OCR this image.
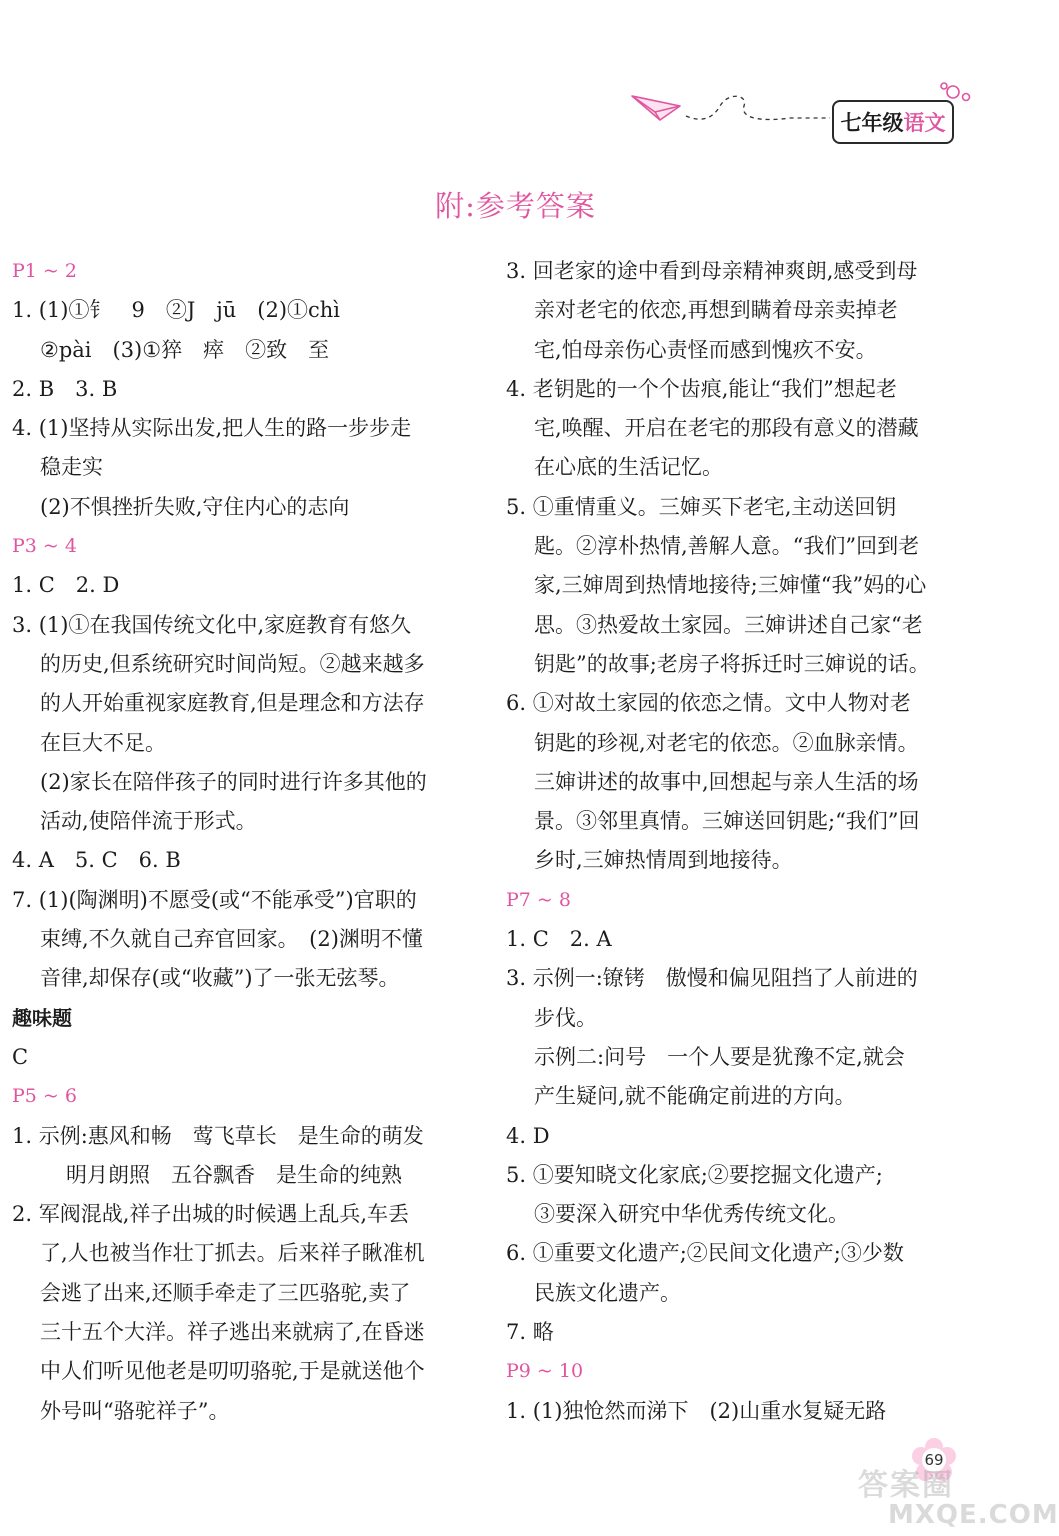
七年级 语文
附:参考答案
P1 ~ 2
1. (1)①钅　9　②J　jū　(2)①chì
②pài　(3)①猝　瘁　②致　至
2. B　3. B
4. (1)坚持从实际出发,把人生的路一步步走
稳走实
(2)不惧挫折失败,守住内心的志向
P3 ~ 4
1. C　2. D
3. (1)①在我国传统文化中,家庭教育有悠久
的历史,但系统研究时间尚短。②越来越多
的人开始重视家庭教育,但是理念和方法存
在巨大不足。
(2)家长在陪伴孩子的同时进行许多其他的
活动,使陪伴流于形式。
4. A　5. C　6. B
7. (1)(陶渊明)不愿受(或“不能承受”)官职的
束缚,不久就自己弃官回家。　(2)渊明不懂
音律,却保存(或“收藏”)了一张无弦琴。
趣味题
C
P5 ~ 6
1. 示例:惠风和畅　莺飞草长　是生命的萌发
明月朗照　五谷飘香　是生命的纯熟
2. 军阀混战,祥子出城的时候遇上乱兵,车丢
了,人也被当作壮丁抓去。后来祥子瞅准机
会逃了出来,还顺手牵走了三匹骆驼,卖了
三十五个大洋。祥子逃出来就病了,在昏迷
中人们听见他老是叨叨骆驼,于是就送他个
外号叫“骆驼祥子”。
3. 回老家的途中看到母亲精神爽朗,感受到母
亲对老宅的依恋,再想到瞒着母亲卖掉老
宅,怕母亲伤心责怪而感到愧疚不安。
4. 老钥匙的一个个齿痕,能让“我们”想起老
宅,唤醒、开启在老宅的那段有意义的潜藏
在心底的生活记忆。
5. ①重情重义。三婶买下老宅,主动送回钥
匙。②淳朴热情,善解人意。“我们”回到老
家,三婶周到热情地接待;三婶懂“我”妈的心
思。③热爱故土家园。三婶讲述自己家“老
钥匙”的故事;老房子将拆迁时三婶说的话。
6. ①对故土家园的依恋之情。文中人物对老
钥匙的珍视,对老宅的依恋。②血脉亲情。
三婶讲述的故事中,回想起与亲人生活的场
景。③邻里真情。三婶送回钥匙;“我们”回
乡时,三婶热情周到地接待。
P7 ~ 8
1. C　2. A
3. 示例一:镣铐　傲慢和偏见阻挡了人前进的
步伐。
示例二:问号　一个人要是犹豫不定,就会
产生疑问,就不能确定前进的方向。
4. D
5. ①要知晓文化家底;②要挖掘文化遗产;
③要深入研究中华优秀传统文化。
6. ①重要文化遗产;②民间文化遗产;③少数
民族文化遗产。
7. 略
P9 ~ 10
1. (1)独怆然而涕下　(2)山重水复疑无路
69
答案圈
MXQE.COM
